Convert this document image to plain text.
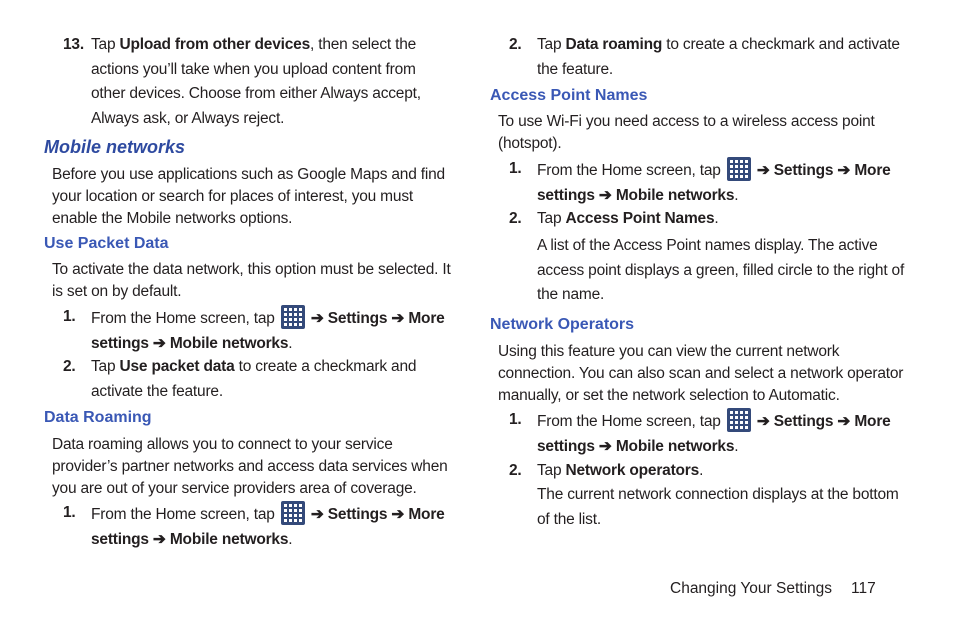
13. Tap Upload from other devices, then select the actions you’ll take when you upload content from other devices. Choose from either Always accept, Always ask, or Always reject.

Mobile networks

Before you use applications such as Google Maps and find your location or search for places of interest, you must enable the Mobile networks options.

Use Packet Data

To activate the data network, this option must be selected. It is set on by default.

1. From the Home screen, tap
➔ Settings ➔ More settings ➔ Mobile networks.

2. Tap Use packet data to create a checkmark and activate the feature.

Data Roaming

Data roaming allows you to connect to your service provider’s partner networks and access data services when you are out of your service providers area of coverage.

1. From the Home screen, tap
➔ Settings ➔ More settings ➔ Mobile networks.

2. Tap Data roaming to create a checkmark and activate the feature.

Access Point Names

To use Wi-Fi you need access to a wireless access point (hotspot).

1. From the Home screen, tap
➔ Settings ➔ More settings ➔ Mobile networks.

2. Tap Access Point Names.

A list of the Access Point names display. The active access point displays a green, filled circle to the right of the name.

Network Operators

Using this feature you can view the current network connection. You can also scan and select a network operator manually, or set the network selection to Automatic.

1. From the Home screen, tap
➔ Settings ➔ More settings ➔ Mobile networks.

2. Tap Network operators.

The current network connection displays at the bottom of the list.

Changing Your Settings 117
